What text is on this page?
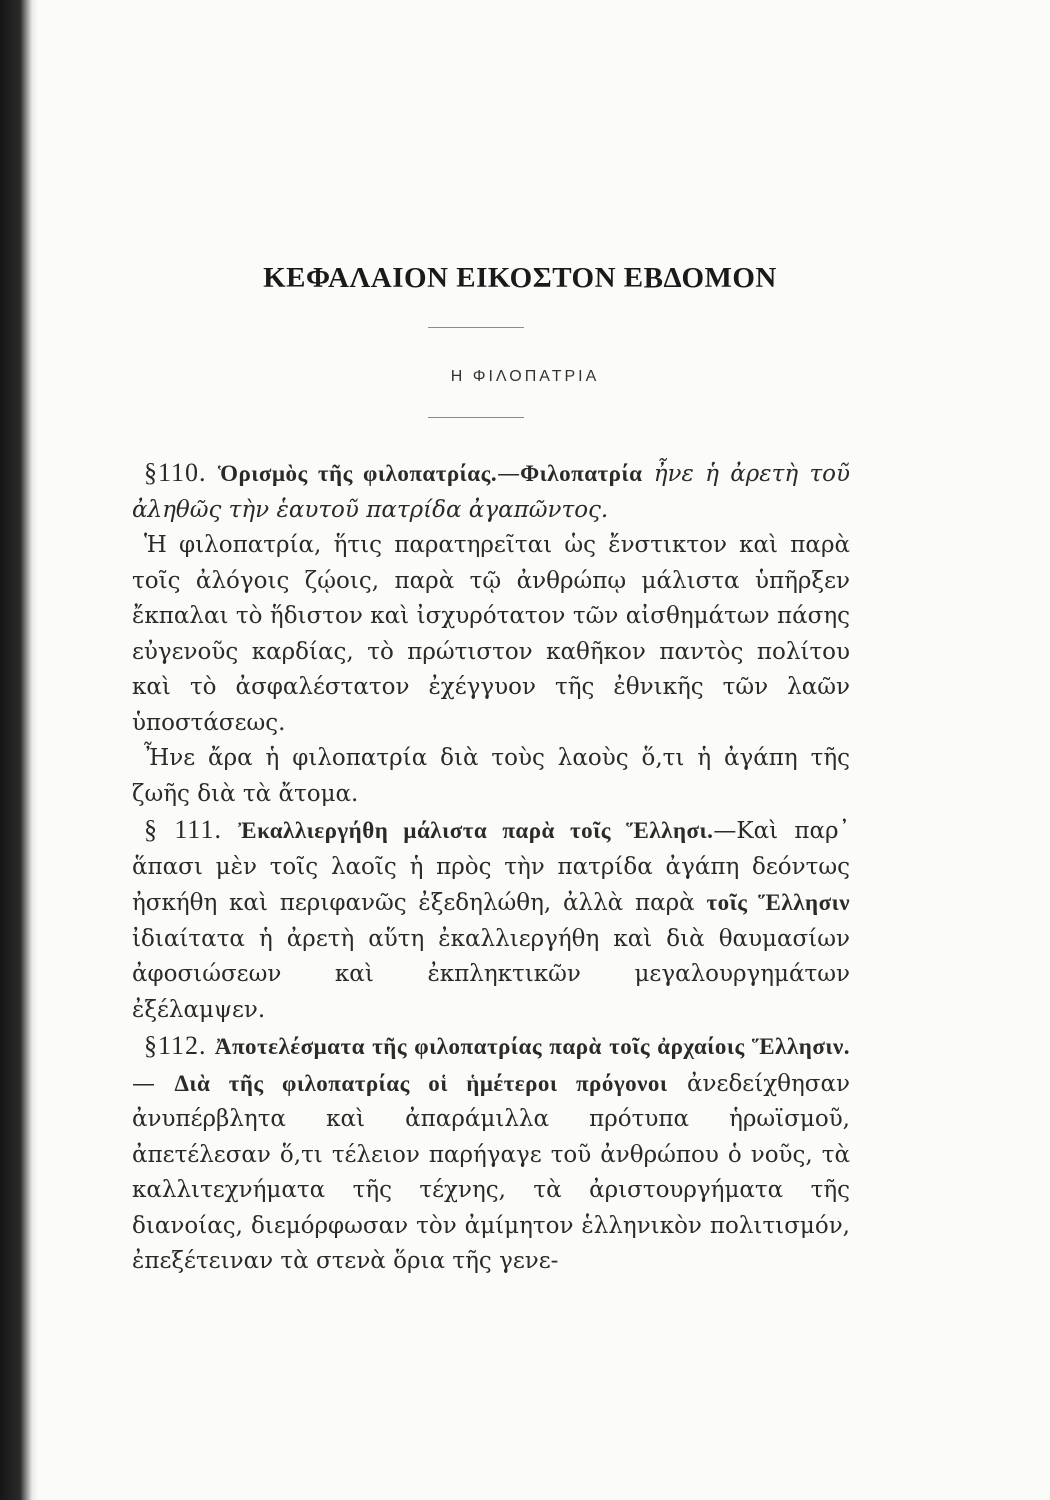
ΚΕΦΑΛΑΙΟΝ ΕΙΚΟΣΤΟΝ ΕΒΔΟΜΟΝ
Η ΦΙΛΟΠΑΤΡΙΑ

§110. Ὁρισμὸς τῆς φιλοπατρίας.—Φιλοπατρία ἦνε ἡ ἀρετὴ τοῦ ἀληθῶς τὴν ἑαυτοῦ πατρίδα ἀγαπῶντος.

Ἡ φιλοπατρία, ἥτις παρατηρεῖται ὡς ἔνστικτον καὶ παρὰ τοῖς ἀλόγοις ζῴοις, παρὰ τῷ ἀνθρώπῳ μάλιστα ὑπῆρξεν ἔκπαλαι τὸ ἥδιστον καὶ ἰσχυρότατον τῶν αἰσθημάτων πάσης εὐγενοῦς καρδίας, τὸ πρώτιστον καθῆκον παντὸς πολίτου καὶ τὸ ἀσφαλέστατον ἐχέγγυον τῆς ἐθνικῆς τῶν λαῶν ὑποστάσεως.

Ἦνε ἄρα ἡ φιλοπατρία διὰ τοὺς λαοὺς ὅ,τι ἡ ἀγάπη τῆς ζωῆς διὰ τὰ ἄτομα.

§ 111. Ἐκαλλιεργήθη μάλιστα παρὰ τοῖς Ἕλλησι.—Καὶ παρ᾿ ἅπασι μὲν τοῖς λαοῖς ἡ πρὸς τὴν πατρίδα ἀγάπη δεόντως ἠσκήθη καὶ περιφανῶς ἐξεδηλώθη, ἀλλὰ παρὰ τοῖς Ἕλλησιν ἰδιαίτατα ἡ ἀρετὴ αὕτη ἐκαλλιεργήθη καὶ διὰ θαυμασίων ἀφοσιώσεων καὶ ἐκπληκτικῶν μεγαλουργημάτων ἐξέλαμψεν.

§112. Ἀποτελέσματα τῆς φιλοπατρίας παρὰ τοῖς ἀρχαίοις Ἕλλησιν. — Διὰ τῆς φιλοπατρίας οἱ ἡμέτεροι πρόγονοι ἀνεδείχθησαν ἀνυπέρβλητα καὶ ἀπαράμιλλα πρότυπα ἡρωϊσμοῦ, ἀπετέλεσαν ὅ,τι τέλειον παρήγαγε τοῦ ἀνθρώπου ὁ νοῦς, τὰ καλλιτεχνήματα τῆς τέχνης, τὰ ἀριστουργήματα τῆς διανοίας, διεμόρφωσαν τὸν ἀμίμητον ἑλληνικὸν πολιτισμόν, ἐπεξέτειναν τὰ στενὰ ὅρια τῆς γενε-
